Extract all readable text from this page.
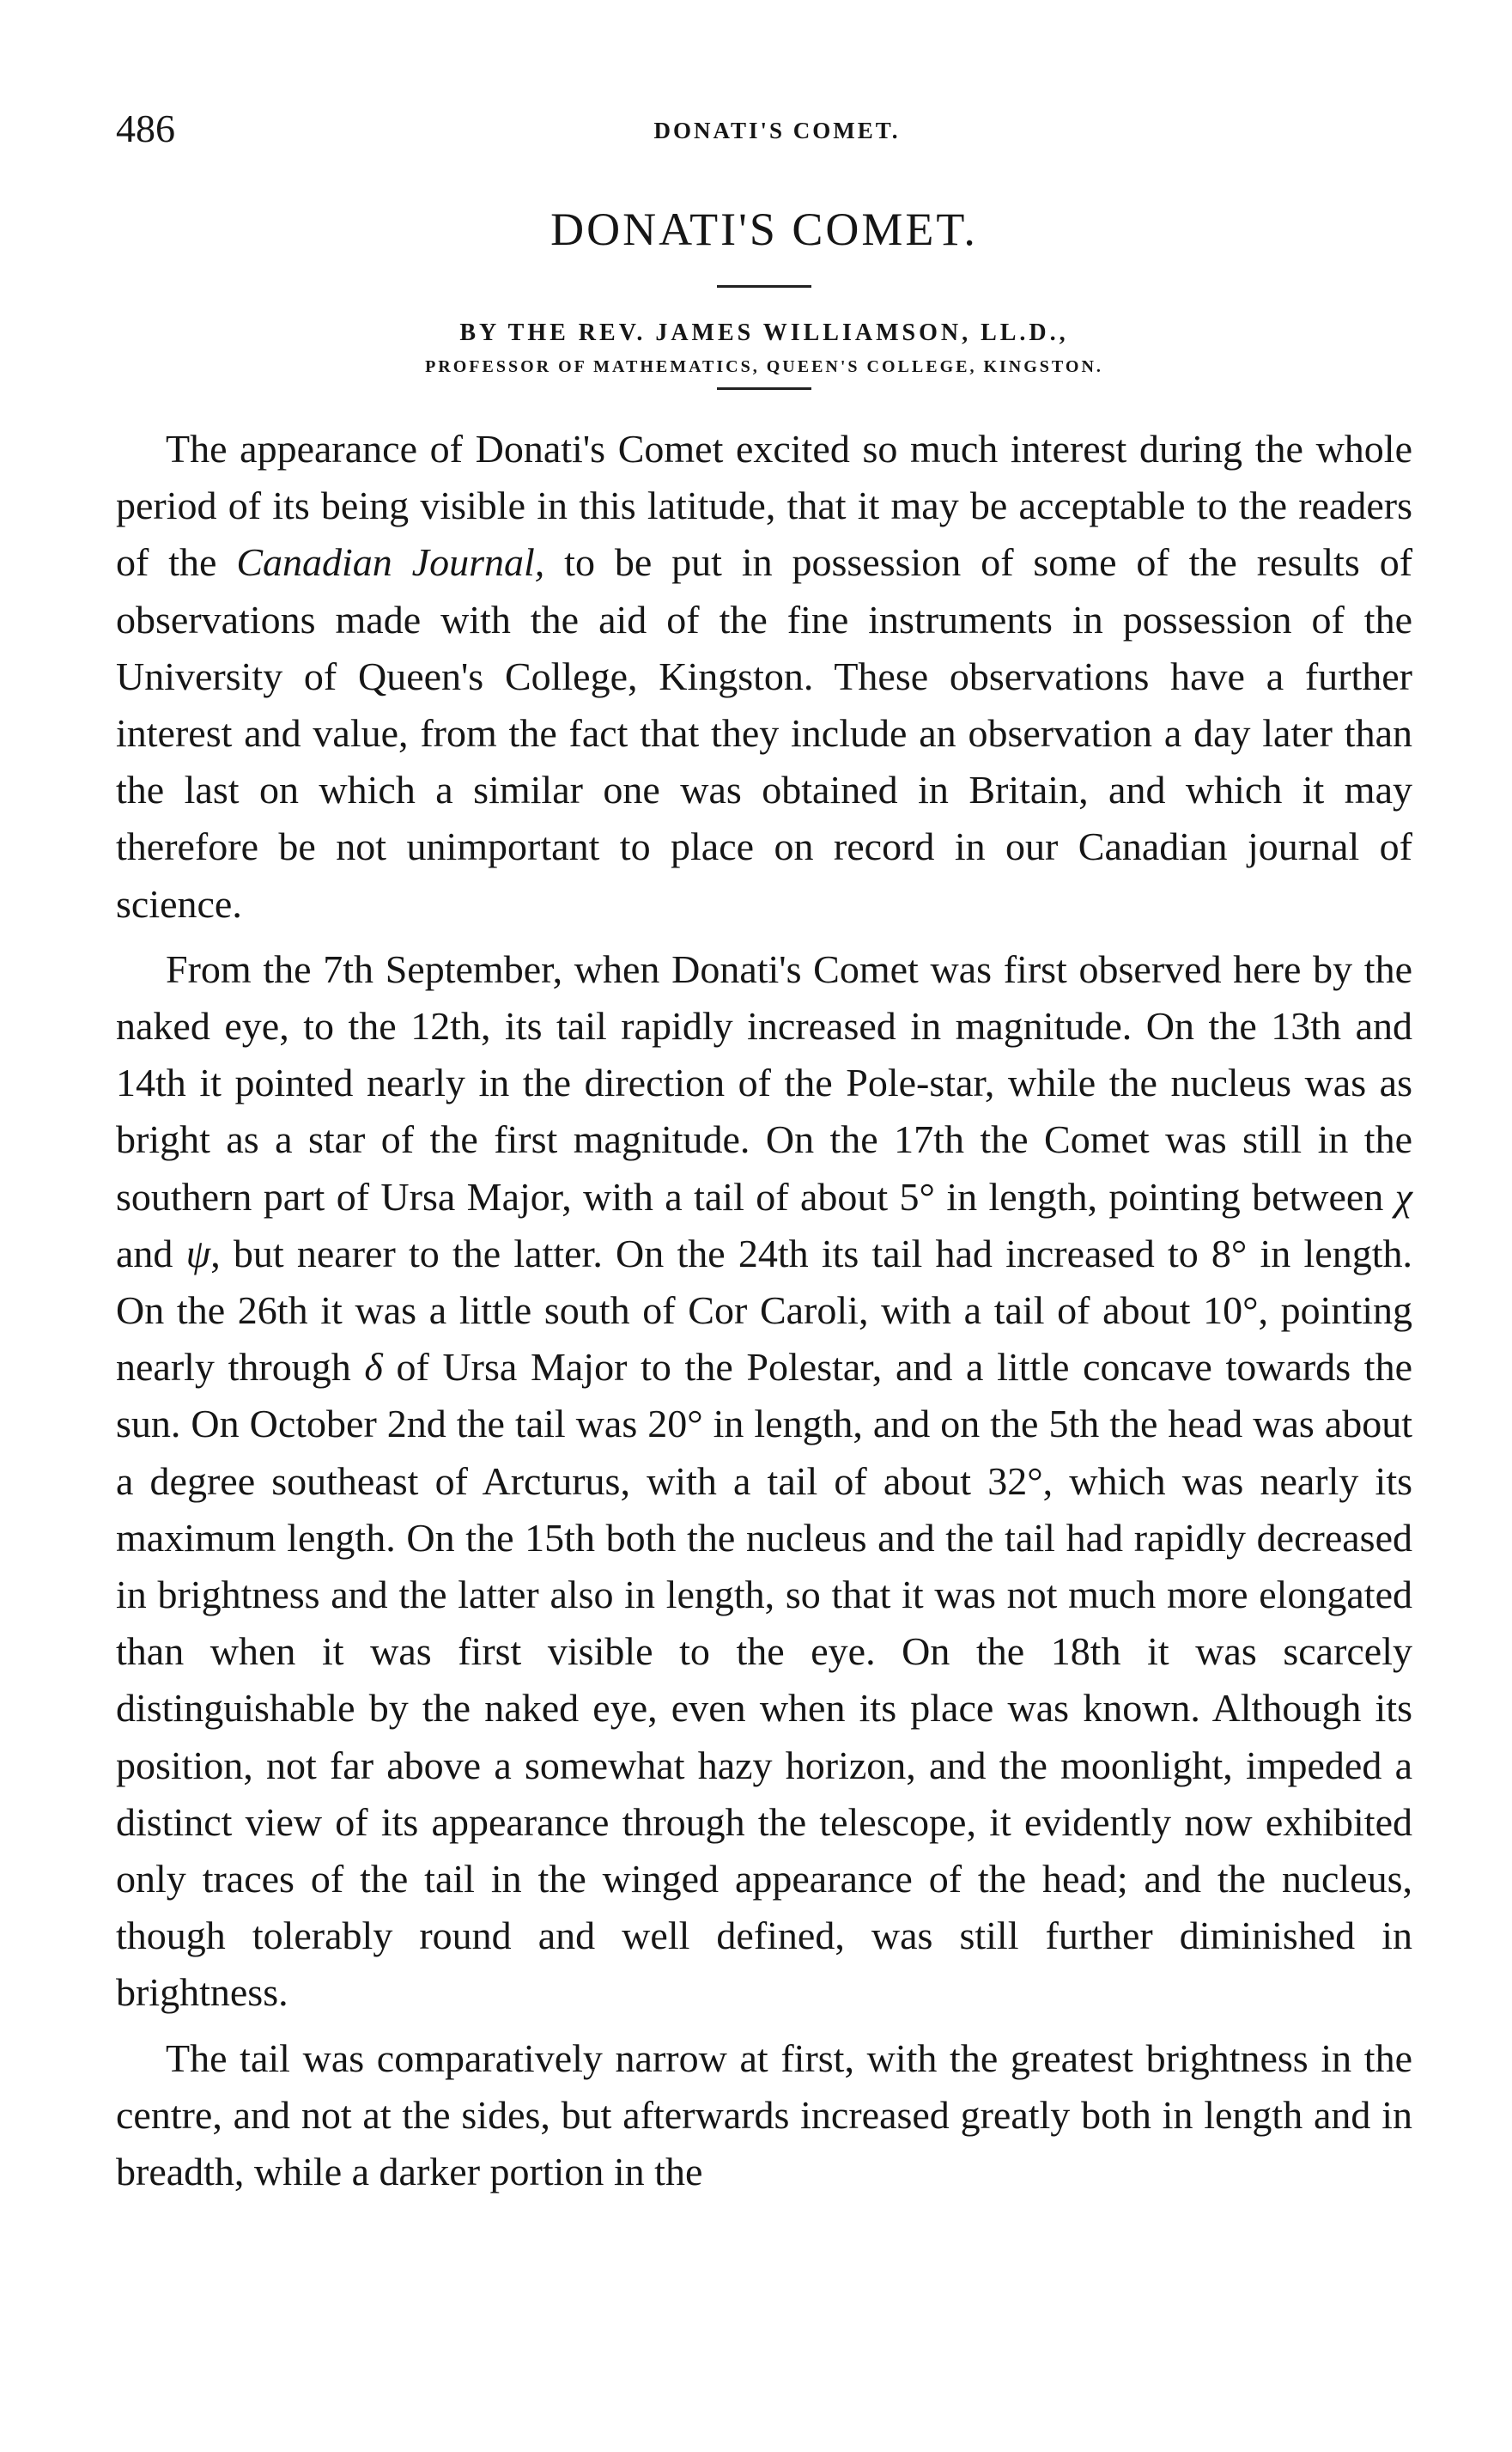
486	DONATI'S COMET.
DONATI'S COMET.
BY THE REV. JAMES WILLIAMSON, LL.D.,
PROFESSOR OF MATHEMATICS, QUEEN'S COLLEGE, KINGSTON.

The appearance of Donati's Comet excited so much interest during the whole period of its being visible in this latitude, that it may be acceptable to the readers of the Canadian Journal, to be put in possession of some of the results of observations made with the aid of the fine instruments in possession of the University of Queen's College, Kingston. These observations have a further interest and value, from the fact that they include an observation a day later than the last on which a similar one was obtained in Britain, and which it may therefore be not unimportant to place on record in our Canadian journal of science.

From the 7th September, when Donati's Comet was first observed here by the naked eye, to the 12th, its tail rapidly increased in magnitude. On the 13th and 14th it pointed nearly in the direction of the Pole-star, while the nucleus was as bright as a star of the first magnitude. On the 17th the Comet was still in the southern part of Ursa Major, with a tail of about 5° in length, pointing between χ and ψ, but nearer to the latter. On the 24th its tail had increased to 8° in length. On the 26th it was a little south of Cor Caroli, with a tail of about 10°, pointing nearly through δ of Ursa Major to the Polestar, and a little concave towards the sun. On October 2nd the tail was 20° in length, and on the 5th the head was about a degree southeast of Arcturus, with a tail of about 32°, which was nearly its maximum length. On the 15th both the nucleus and the tail had rapidly decreased in brightness and the latter also in length, so that it was not much more elongated than when it was first visible to the eye. On the 18th it was scarcely distinguishable by the naked eye, even when its place was known. Although its position, not far above a somewhat hazy horizon, and the moonlight, impeded a distinct view of its appearance through the telescope, it evidently now exhibited only traces of the tail in the winged appearance of the head; and the nucleus, though tolerably round and well defined, was still further diminished in brightness.

The tail was comparatively narrow at first, with the greatest brightness in the centre, and not at the sides, but afterwards increased greatly both in length and in breadth, while a darker portion in the
